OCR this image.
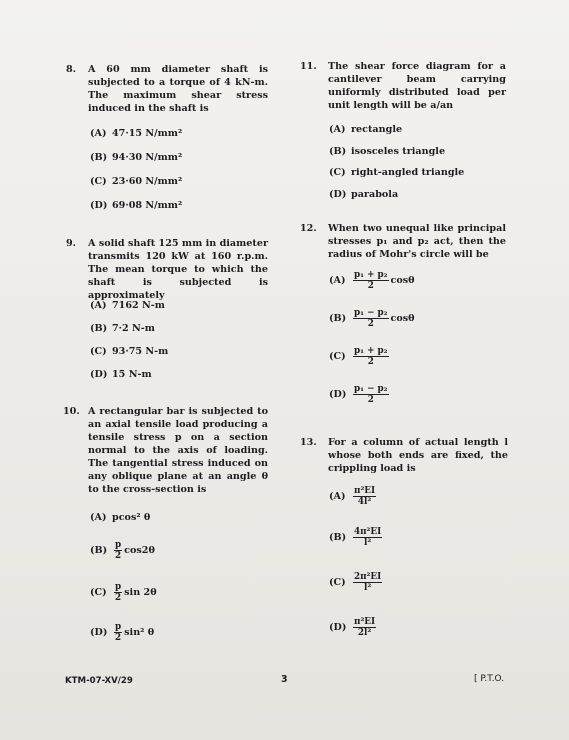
8. A 60 mm diameter shaft is subjected to a torque of 4 kN-m. The maximum shear stress induced in the shaft is
(A) 47·15 N/mm²
(B) 94·30 N/mm²
(C) 23·60 N/mm²
(D) 69·08 N/mm²
9. A solid shaft 125 mm in diameter transmits 120 kW at 160 r.p.m. The mean torque to which the shaft is subjected is approximately
(A) 7162 N-m
(B) 7·2 N-m
(C) 93·75 N-m
(D) 15 N-m
10. A rectangular bar is subjected to an axial tensile load producing a tensile stress p on a section normal to the axis of loading. The tangential stress induced on any oblique plane at an angle θ to the cross-section is
(A) pcos² θ
$(B) \frac{p}{2} \cos 2\theta$
$(C) \frac{p}{2}$ sin 2θ
$(D) \frac{p}{2} \sin^2$ θ
11. The shear force diagram for a cantilever beam carrying uniformly distributed load per unit length will be a/an
(A) rectangle
(B) isosceles triangle
(C) right-angled triangle
(D) parabola
12. When two unequal like principal stresses p₁ and p₂ act, then the radius of Mohr's circle will be
$(A) \frac{\text{p₁ + p₂}}{2}$ cosθ
$(B) \frac{\text{p₁ − p₂}}{2}$ cosθ
$(C) \frac{\text{p₁ + p₂}}{2}$
$(D) \frac{\text{p₁ − p₂}}{2}$
13. For a column of actual length l whose both ends are fixed, the crippling load is
$(A) \frac{\text{π²EI}}{\text{4l²}}$
$(B) \frac{\text{4π²EI}}{\text{l²}}$
$(C) \frac{\text{2π²EI}}{\text{l²}}$
$(D) \frac{\text{π²EI}}{\text{2l²}}$
KTM-07-XV/29	3	[ P.T.O.
